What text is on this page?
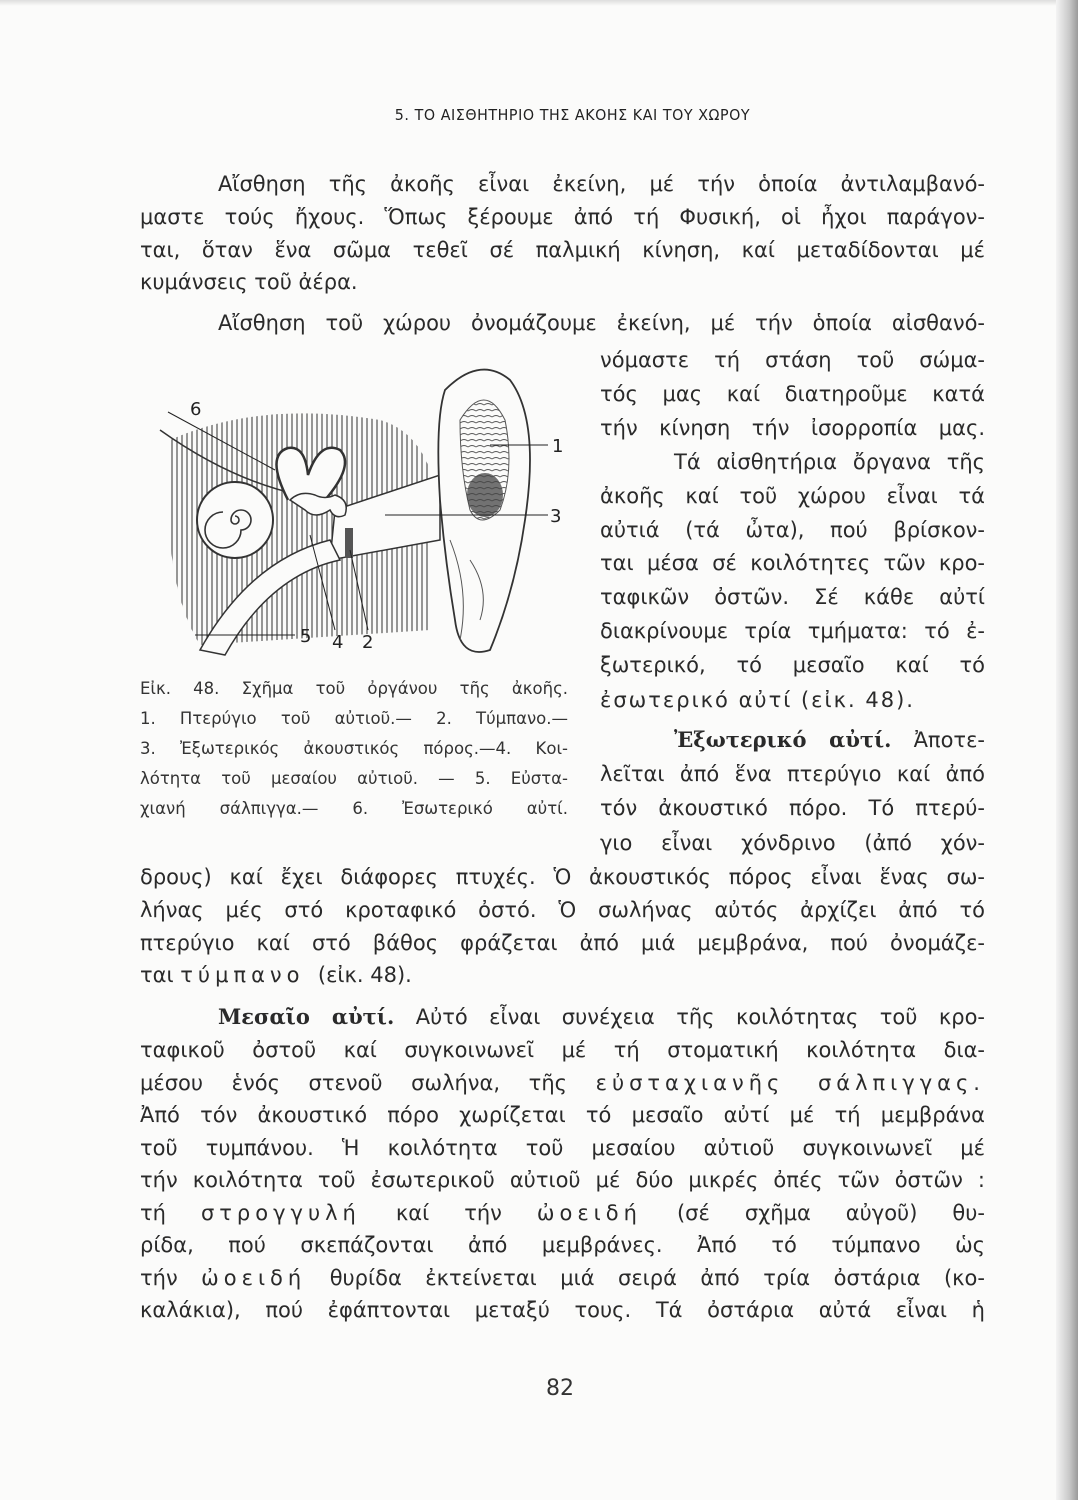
5. ΤΟ ΑΙΣΘΗΤΗΡΙΟ ΤΗΣ ΑΚΟΗΣ ΚΑΙ ΤΟΥ ΧΩΡΟΥ
Αἴσθηση τῆς ἀκοῆς εἶναι ἐκείνη, μέ τήν ὁποία ἀντιλαμβανό-
μαστε τούς ἤχους. Ὅπως ξέρουμε ἀπό τή Φυσική, οἱ ἦχοι παράγον-
ται, ὅταν ἕνα σῶμα τεθεῖ σέ παλμική κίνηση, καί μεταδίδονται μέ
κυμάνσεις τοῦ ἀέρα.
Αἴσθηση τοῦ χώρου ὀνομάζουμε ἐκείνη, μέ τήν ὁποία αἰσθανό-
νόμαστε τή στάση τοῦ σώμα-
τός μας καί διατηροῦμε κατά
τήν κίνηση τήν ἰσορροπία μας.
Τά αἰσθητήρια ὄργανα τῆς
ἀκοῆς καί τοῦ χώρου εἶναι τά
αὐτιά (τά ὦτα), πού βρίσκον-
ται μέσα σέ κοιλότητες τῶν κρο-
ταφικῶν ὀστῶν. Σέ κάθε αὐτί
διακρίνουμε τρία τμήματα: τό ἐ-
ξωτερικό, τό μεσαῖο καί τό
ἐσωτερικό αὐτί (εἰκ. 48).
1
2
3
4
5
6
Εἰκ. 48. Σχῆμα τοῦ ὀργάνου τῆς ἀκοῆς.
1. Πτερύγιο τοῦ αὐτιοῦ.— 2. Τύμπανο.—
3. Ἐξωτερικός ἀκουστικός πόρος.—4. Κοι-
λότητα τοῦ μεσαίου αὐτιοῦ. — 5. Εὐστα-
χιανή σάλπιγγα.— 6. Ἐσωτερικό αὐτί.
Ἐξωτερικό αὐτί. Ἀποτε-
λεῖται ἀπό ἕνα πτερύγιο καί ἀπό
τόν ἀκουστικό πόρο. Τό πτερύ-
γιο εἶναι χόνδρινο (ἀπό χόν-
δρους) καί ἔχει διάφορες πτυχές. Ὁ ἀκουστικός πόρος εἶναι ἕνας σω-
λήνας μές στό κροταφικό ὀστό. Ὁ σωλήνας αὐτός ἀρχίζει ἀπό τό
πτερύγιο καί στό βάθος φράζεται ἀπό μιά μεμβράνα, πού ὀνομάζε-
ται τύμπανο (εἰκ. 48).
Μεσαῖο αὐτί. Αὐτό εἶναι συνέχεια τῆς κοιλότητας τοῦ κρο-
ταφικοῦ ὀστοῦ καί συγκοινωνεῖ μέ τή στοματική κοιλότητα δια-
μέσου ἑνός στενοῦ σωλήνα, τῆς εὐσταχιανῆς σάλπιγγας.
Ἀπό τόν ἀκουστικό πόρο χωρίζεται τό μεσαῖο αὐτί μέ τή μεμβράνα
τοῦ τυμπάνου. Ἡ κοιλότητα τοῦ μεσαίου αὐτιοῦ συγκοινωνεῖ μέ
τήν κοιλότητα τοῦ ἐσωτερικοῦ αὐτιοῦ μέ δύο μικρές ὀπές τῶν ὀστῶν :
τή στρογγυλή καί τήν ὠοειδή (σέ σχῆμα αὐγοῦ) θυ-
ρίδα, πού σκεπάζονται ἀπό μεμβράνες. Ἀπό τό τύμπανο ὡς
τήν ὠοειδή θυρίδα ἐκτείνεται μιά σειρά ἀπό τρία ὀστάρια (κο-
καλάκια), πού ἐφάπτονται μεταξύ τους. Τά ὀστάρια αὐτά εἶναι ἡ
82
